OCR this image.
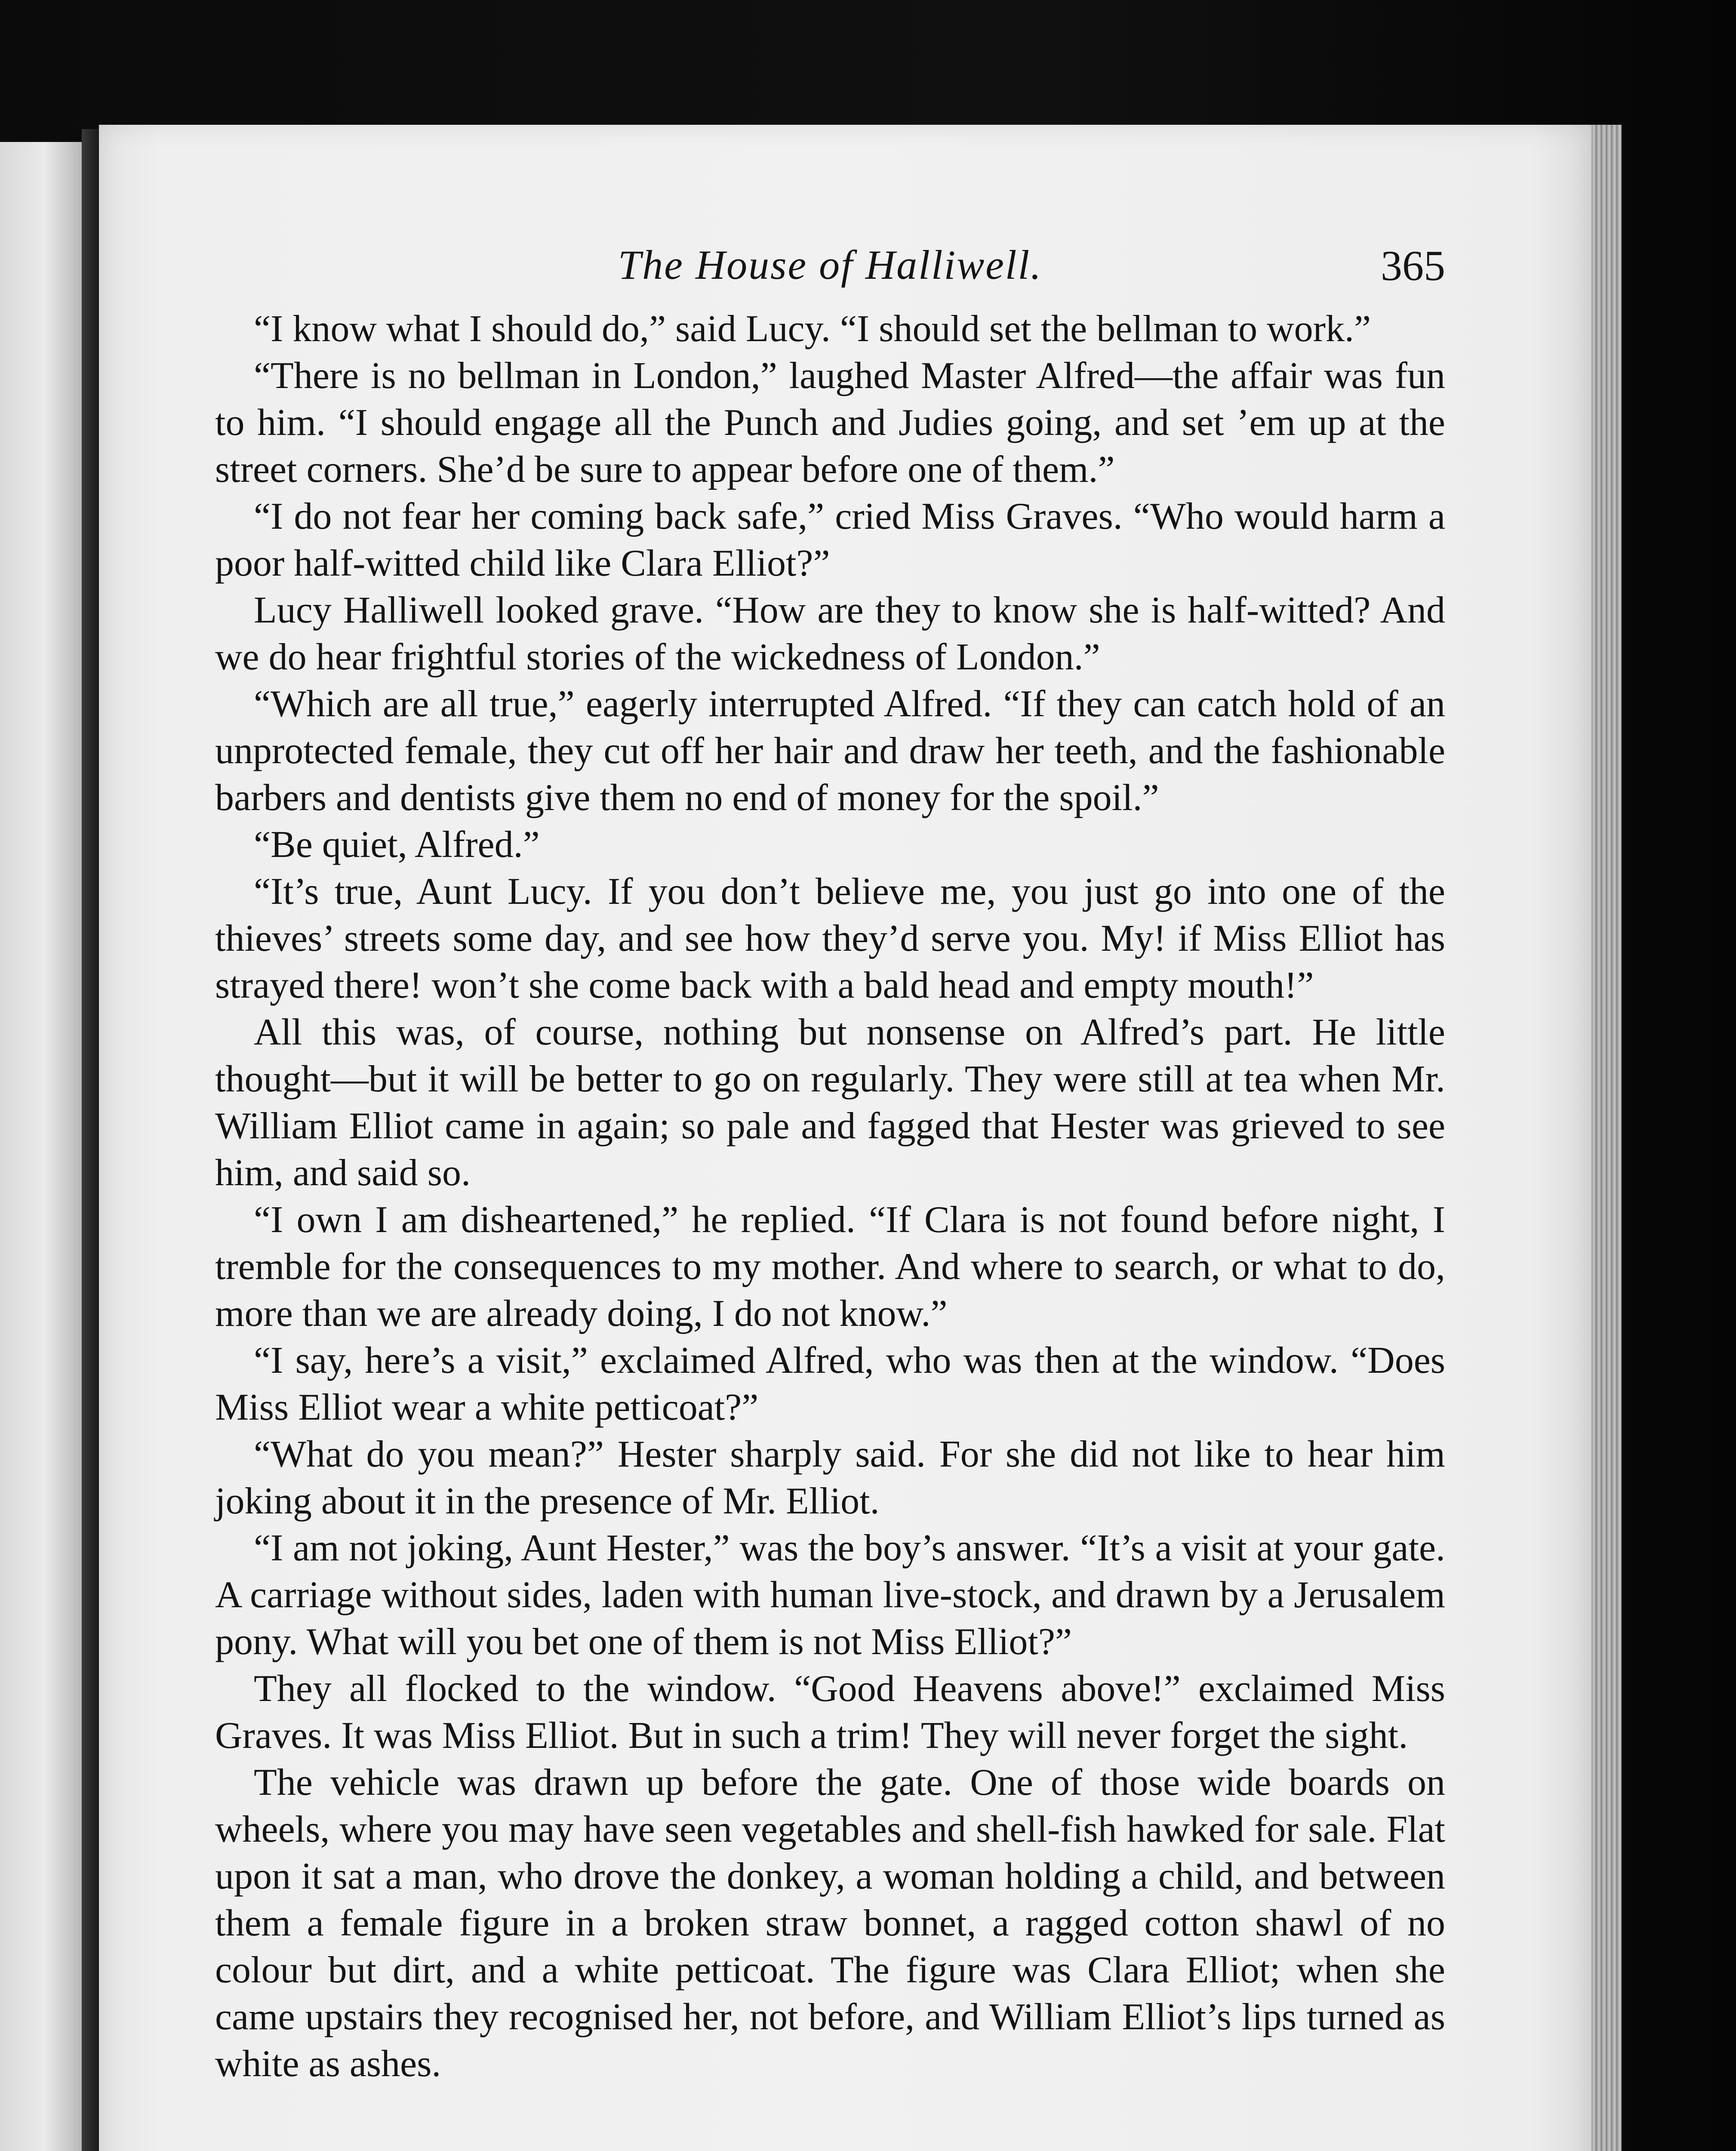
The House of Halliwell.	365

“I know what I should do,” said Lucy. “I should set the bellman to work.”

“There is no bellman in London,” laughed Master Alfred—the affair was fun to him. “I should engage all the Punch and Judies going, and set ’em up at the street corners. She’d be sure to appear before one of them.”

“I do not fear her coming back safe,” cried Miss Graves. “Who would harm a poor half-witted child like Clara Elliot?”

Lucy Halliwell looked grave. “How are they to know she is half-witted? And we do hear frightful stories of the wickedness of London.”

“Which are all true,” eagerly interrupted Alfred. “If they can catch hold of an unprotected female, they cut off her hair and draw her teeth, and the fashionable barbers and dentists give them no end of money for the spoil.”

“Be quiet, Alfred.”

“It’s true, Aunt Lucy. If you don’t believe me, you just go into one of the thieves’ streets some day, and see how they’d serve you. My! if Miss Elliot has strayed there! won’t she come back with a bald head and empty mouth!”

All this was, of course, nothing but nonsense on Alfred’s part. He little thought—but it will be better to go on regularly. They were still at tea when Mr. William Elliot came in again; so pale and fagged that Hester was grieved to see him, and said so.

“I own I am disheartened,” he replied. “If Clara is not found before night, I tremble for the consequences to my mother. And where to search, or what to do, more than we are already doing, I do not know.”

“I say, here’s a visit,” exclaimed Alfred, who was then at the window. “Does Miss Elliot wear a white petticoat?”

“What do you mean?” Hester sharply said. For she did not like to hear him joking about it in the presence of Mr. Elliot.

“I am not joking, Aunt Hester,” was the boy’s answer. “It’s a visit at your gate. A carriage without sides, laden with human live-stock, and drawn by a Jerusalem pony. What will you bet one of them is not Miss Elliot?”

They all flocked to the window. “Good Heavens above!” exclaimed Miss Graves. It was Miss Elliot. But in such a trim! They will never forget the sight.

The vehicle was drawn up before the gate. One of those wide boards on wheels, where you may have seen vegetables and shell-fish hawked for sale. Flat upon it sat a man, who drove the donkey, a woman holding a child, and between them a female figure in a broken straw bonnet, a ragged cotton shawl of no colour but dirt, and a white petticoat. The figure was Clara Elliot; when she came upstairs they recognised her, not before, and William Elliot’s lips turned as white as ashes.
